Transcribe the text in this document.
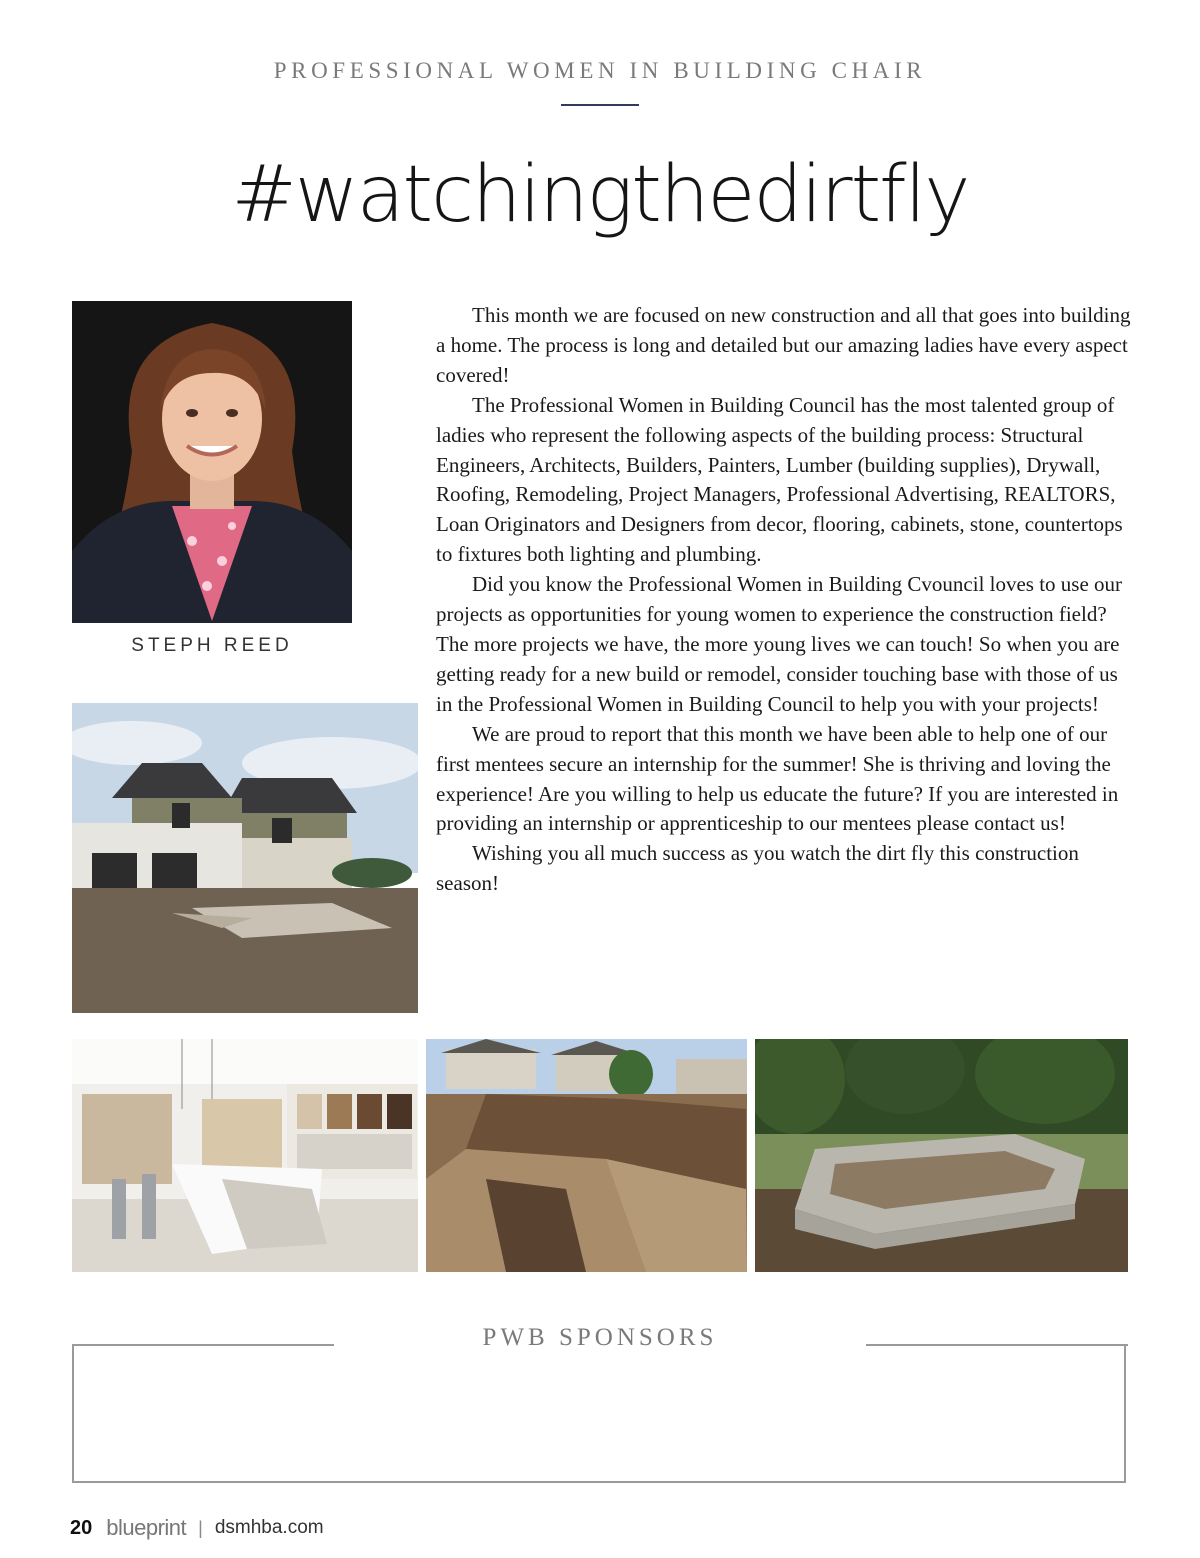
PROFESSIONAL WOMEN IN BUILDING CHAIR
#watchingthedirtfly
STEPH REED

This month we are focused on new construction and all that goes into building a home. The process is long and detailed but our amazing ladies have every aspect covered!

The Professional Women in Building Council has the most talented group of ladies who represent the following aspects of the building process: Structural Engineers, Architects, Builders, Painters, Lumber (building supplies), Drywall, Roofing, Remodeling, Project Managers, Professional Advertising, REALTORS, Loan Originators and Designers from decor, flooring, cabinets, stone, countertops to fixtures both lighting and plumbing.

Did you know the Professional Women in Building Cvouncil loves to use our projects as opportunities for young women to experience the construction field? The more projects we have, the more young lives we can touch! So when you are getting ready for a new build or remodel, consider touching base with those of us in the Professional Women in Building Council to help you with your projects!

We are proud to report that this month we have been able to help one of our first mentees secure an internship for the summer! She is thriving and loving the experience! Are you willing to help us educate the future? If you are interested in providing an internship or apprenticeship to our mentees please contact us!

Wishing you all much success as you watch the dirt fly this construction season!

PWB SPONSORS
20 blueprint | dsmhba.com
